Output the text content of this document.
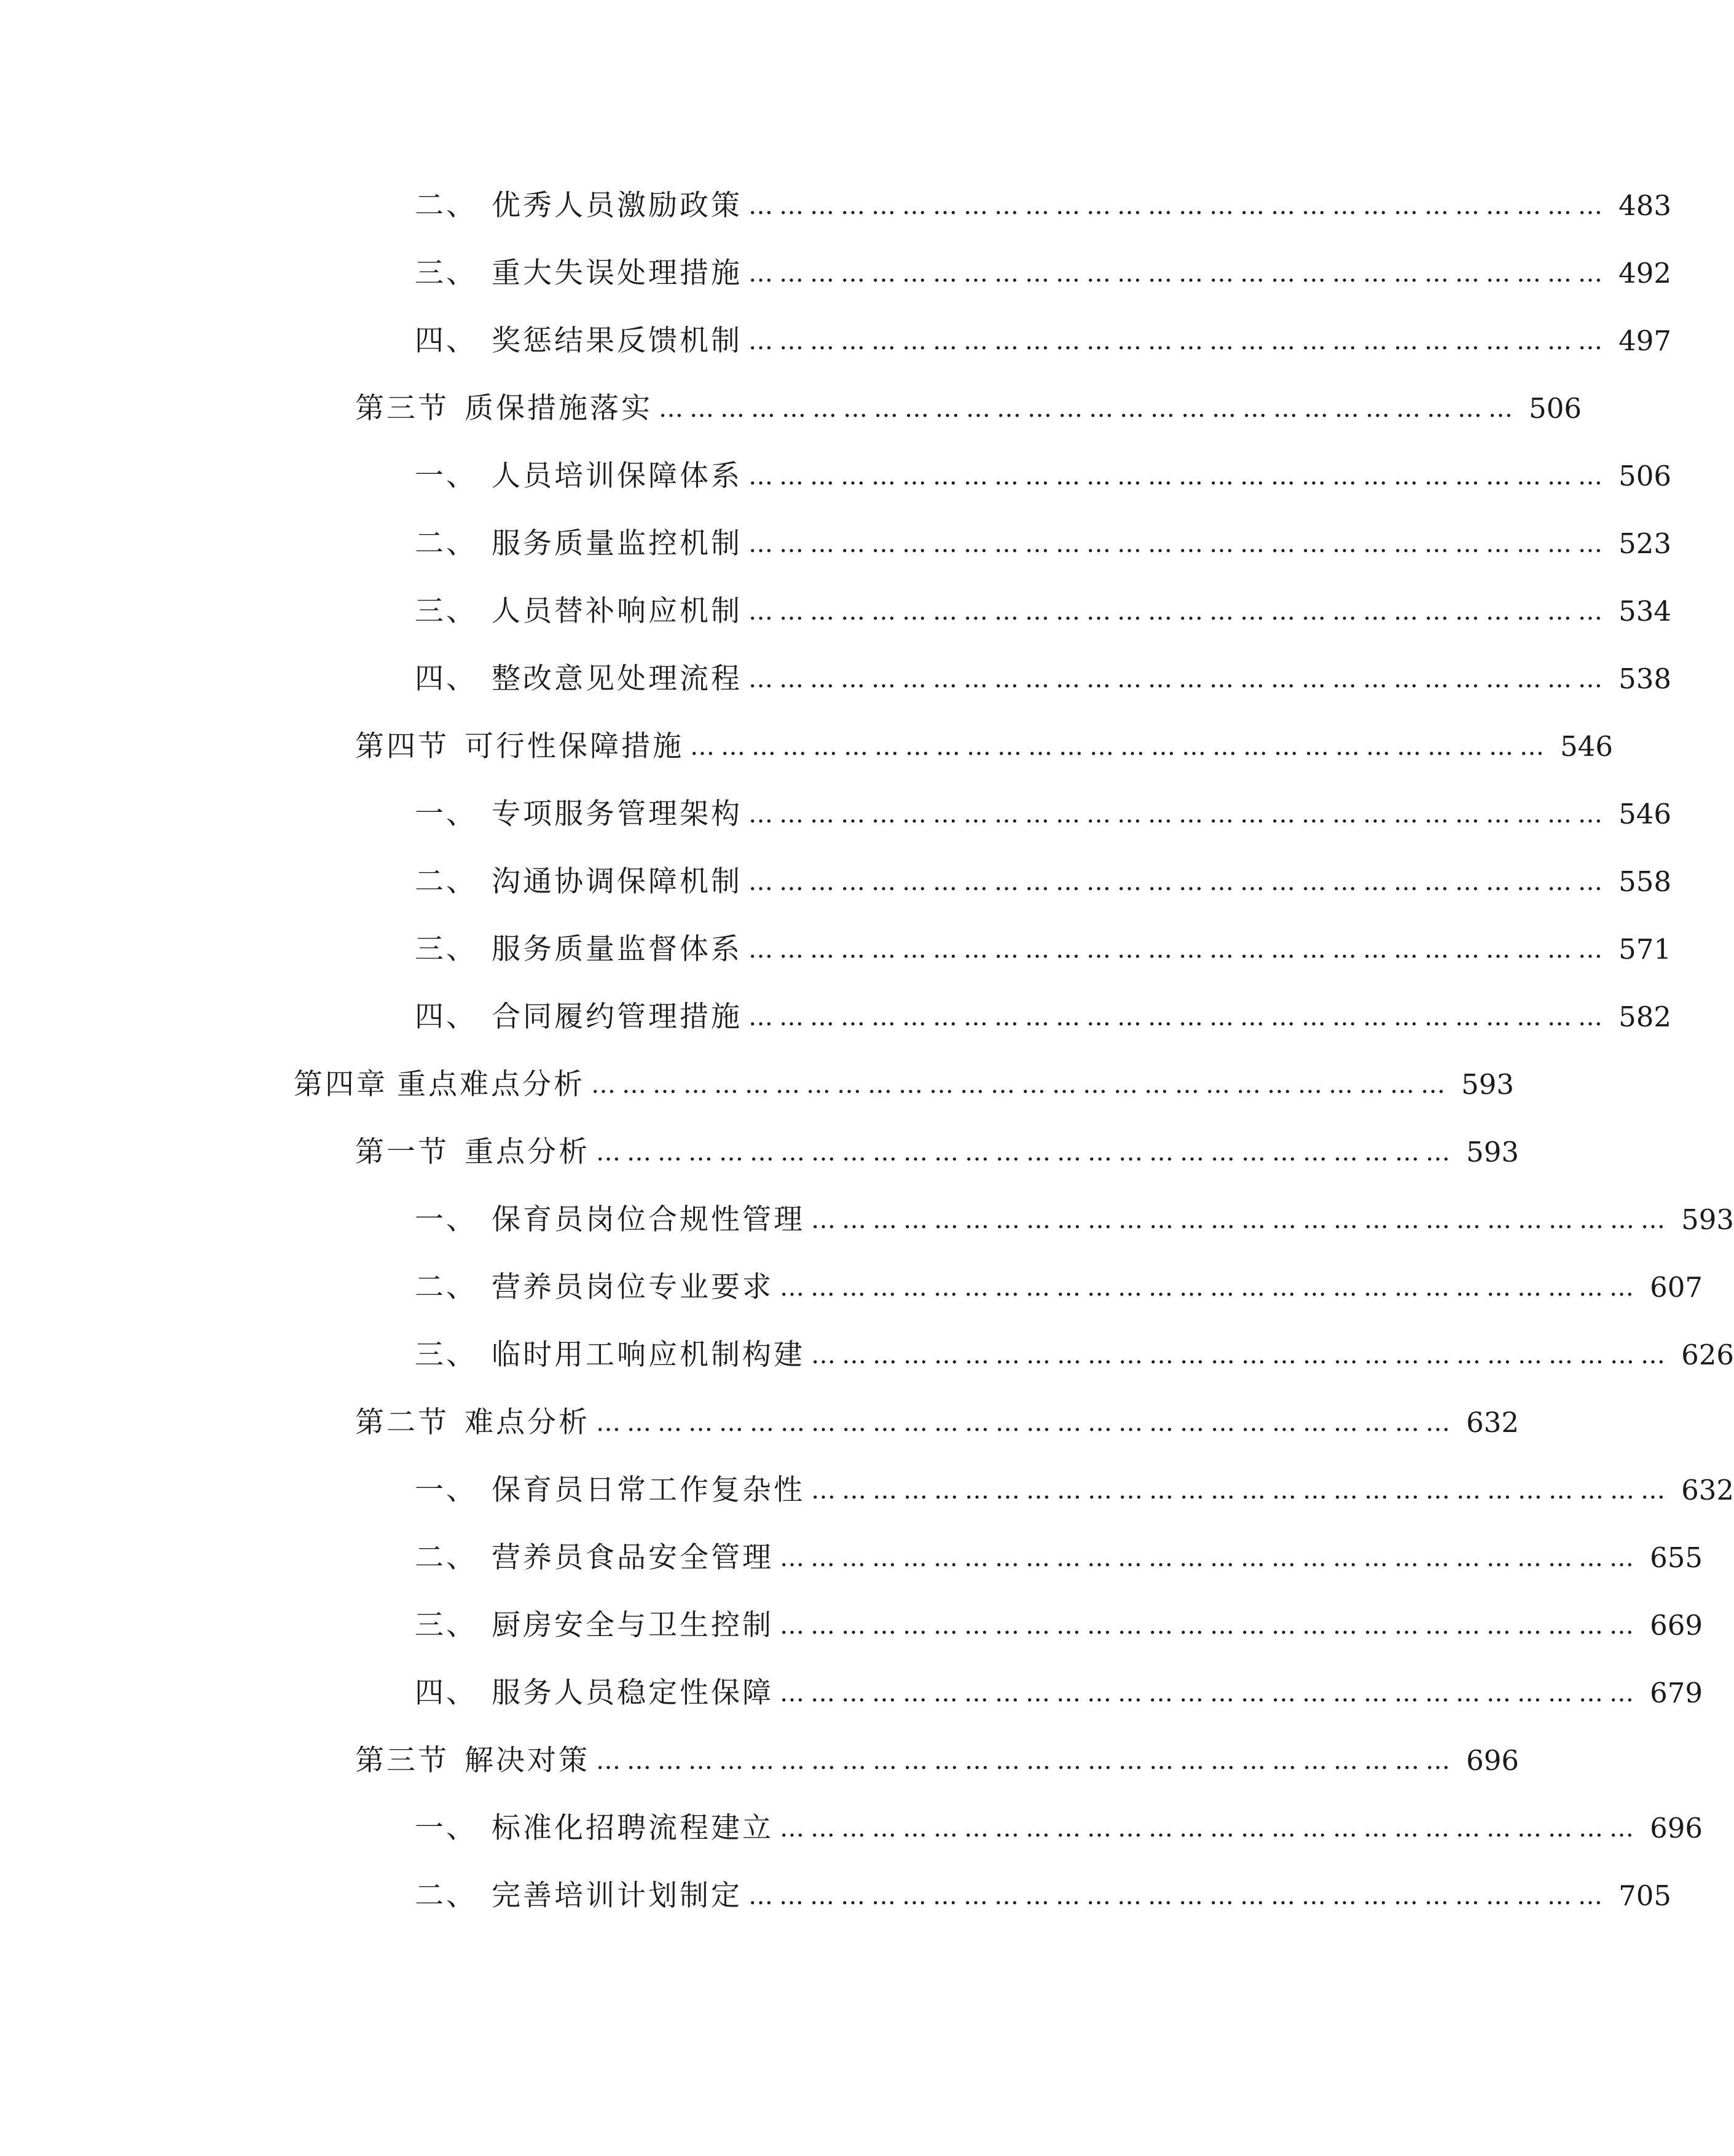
二、 优秀人员激励政策 ………………………………………………………………………… 483
三、 重大失误处理措施 ………………………………………………………………………… 492
四、 奖惩结果反馈机制 ………………………………………………………………………… 497
第三节 质保措施落实 ………………………………………………………………………… 506
一、 人员培训保障体系 ………………………………………………………………………… 506
二、 服务质量监控机制 ………………………………………………………………………… 523
三、 人员替补响应机制 ………………………………………………………………………… 534
四、 整改意见处理流程 ………………………………………………………………………… 538
第四节 可行性保障措施 ………………………………………………………………………… 546
一、 专项服务管理架构 ………………………………………………………………………… 546
二、 沟通协调保障机制 ………………………………………………………………………… 558
三、 服务质量监督体系 ………………………………………………………………………… 571
四、 合同履约管理措施 ………………………………………………………………………… 582
第四章 重点难点分析 ………………………………………………………………………… 593
第一节 重点分析 ………………………………………………………………………… 593
一、 保育员岗位合规性管理 ………………………………………………………………………… 593
二、 营养员岗位专业要求 ………………………………………………………………………… 607
三、 临时用工响应机制构建 ………………………………………………………………………… 626
第二节 难点分析 ………………………………………………………………………… 632
一、 保育员日常工作复杂性 ………………………………………………………………………… 632
二、 营养员食品安全管理 ………………………………………………………………………… 655
三、 厨房安全与卫生控制 ………………………………………………………………………… 669
四、 服务人员稳定性保障 ………………………………………………………………………… 679
第三节 解决对策 ………………………………………………………………………… 696
一、 标准化招聘流程建立 ………………………………………………………………………… 696
二、 完善培训计划制定 ………………………………………………………………………… 705
